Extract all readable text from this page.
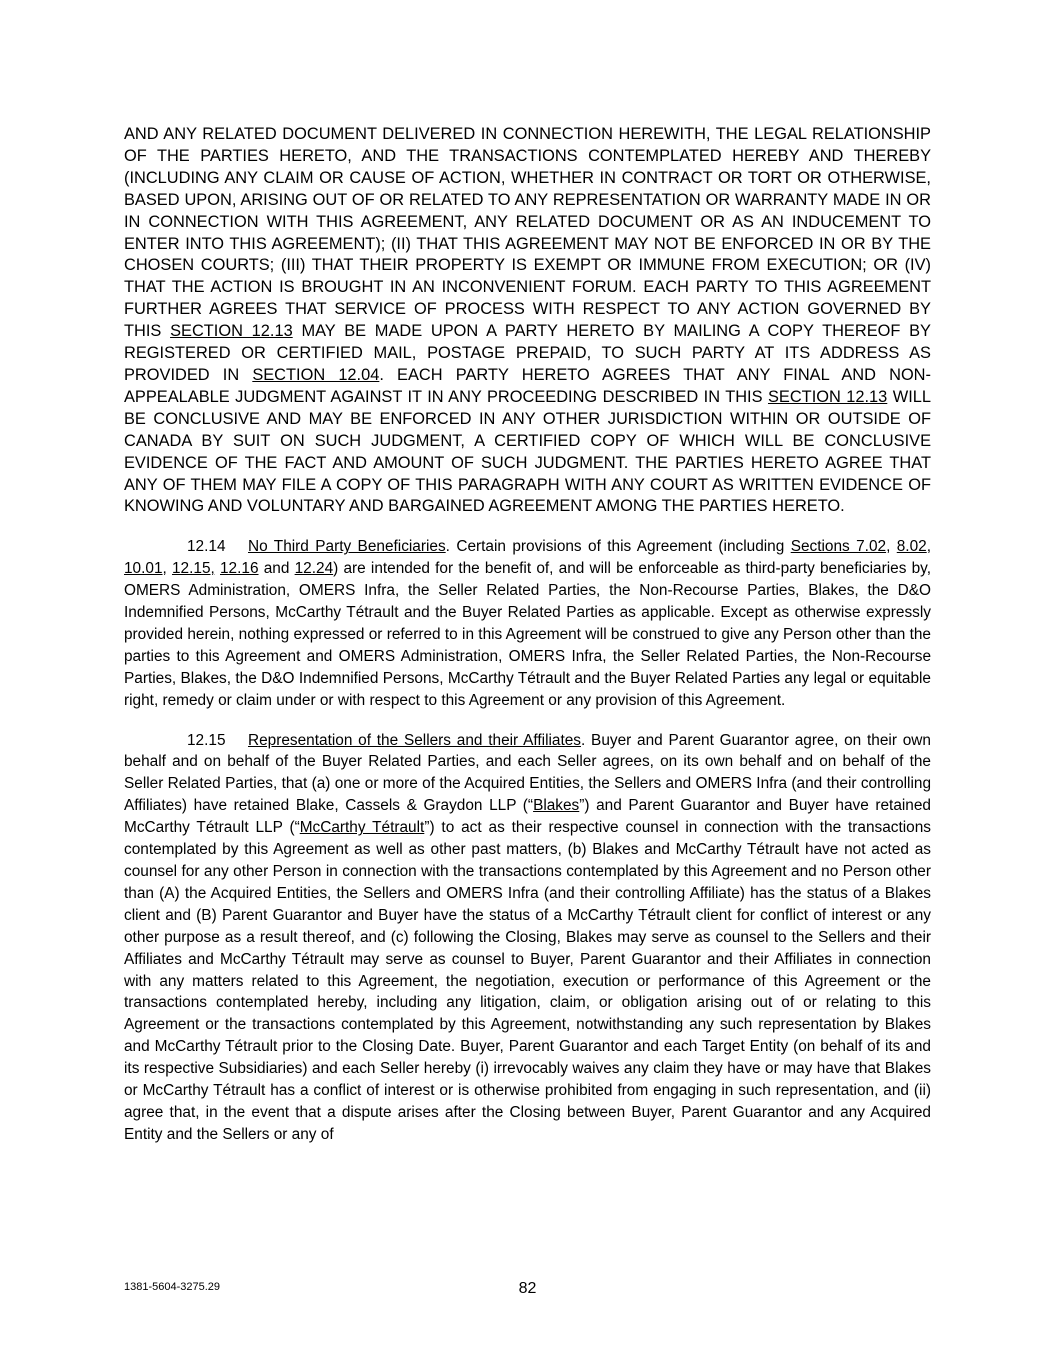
AND ANY RELATED DOCUMENT DELIVERED IN CONNECTION HEREWITH, THE LEGAL RELATIONSHIP OF THE PARTIES HERETO, AND THE TRANSACTIONS CONTEMPLATED HEREBY AND THEREBY (INCLUDING ANY CLAIM OR CAUSE OF ACTION, WHETHER IN CONTRACT OR TORT OR OTHERWISE, BASED UPON, ARISING OUT OF OR RELATED TO ANY REPRESENTATION OR WARRANTY MADE IN OR IN CONNECTION WITH THIS AGREEMENT, ANY RELATED DOCUMENT OR AS AN INDUCEMENT TO ENTER INTO THIS AGREEMENT); (II) THAT THIS AGREEMENT MAY NOT BE ENFORCED IN OR BY THE CHOSEN COURTS; (III) THAT THEIR PROPERTY IS EXEMPT OR IMMUNE FROM EXECUTION; OR (IV) THAT THE ACTION IS BROUGHT IN AN INCONVENIENT FORUM. EACH PARTY TO THIS AGREEMENT FURTHER AGREES THAT SERVICE OF PROCESS WITH RESPECT TO ANY ACTION GOVERNED BY THIS SECTION 12.13 MAY BE MADE UPON A PARTY HERETO BY MAILING A COPY THEREOF BY REGISTERED OR CERTIFIED MAIL, POSTAGE PREPAID, TO SUCH PARTY AT ITS ADDRESS AS PROVIDED IN SECTION 12.04. EACH PARTY HERETO AGREES THAT ANY FINAL AND NON-APPEALABLE JUDGMENT AGAINST IT IN ANY PROCEEDING DESCRIBED IN THIS SECTION 12.13 WILL BE CONCLUSIVE AND MAY BE ENFORCED IN ANY OTHER JURISDICTION WITHIN OR OUTSIDE OF CANADA BY SUIT ON SUCH JUDGMENT, A CERTIFIED COPY OF WHICH WILL BE CONCLUSIVE EVIDENCE OF THE FACT AND AMOUNT OF SUCH JUDGMENT. THE PARTIES HERETO AGREE THAT ANY OF THEM MAY FILE A COPY OF THIS PARAGRAPH WITH ANY COURT AS WRITTEN EVIDENCE OF KNOWING AND VOLUNTARY AND BARGAINED AGREEMENT AMONG THE PARTIES HERETO.

12.14 No Third Party Beneficiaries. Certain provisions of this Agreement (including Sections 7.02, 8.02, 10.01, 12.15, 12.16 and 12.24) are intended for the benefit of, and will be enforceable as third-party beneficiaries by, OMERS Administration, OMERS Infra, the Seller Related Parties, the Non-Recourse Parties, Blakes, the D&O Indemnified Persons, McCarthy Tétrault and the Buyer Related Parties as applicable. Except as otherwise expressly provided herein, nothing expressed or referred to in this Agreement will be construed to give any Person other than the parties to this Agreement and OMERS Administration, OMERS Infra, the Seller Related Parties, the Non-Recourse Parties, Blakes, the D&O Indemnified Persons, McCarthy Tétrault and the Buyer Related Parties any legal or equitable right, remedy or claim under or with respect to this Agreement or any provision of this Agreement.

12.15 Representation of the Sellers and their Affiliates. Buyer and Parent Guarantor agree, on their own behalf and on behalf of the Buyer Related Parties, and each Seller agrees, on its own behalf and on behalf of the Seller Related Parties, that (a) one or more of the Acquired Entities, the Sellers and OMERS Infra (and their controlling Affiliates) have retained Blake, Cassels & Graydon LLP (“Blakes”) and Parent Guarantor and Buyer have retained McCarthy Tétrault LLP (“McCarthy Tétrault”) to act as their respective counsel in connection with the transactions contemplated by this Agreement as well as other past matters, (b) Blakes and McCarthy Tétrault have not acted as counsel for any other Person in connection with the transactions contemplated by this Agreement and no Person other than (A) the Acquired Entities, the Sellers and OMERS Infra (and their controlling Affiliate) has the status of a Blakes client and (B) Parent Guarantor and Buyer have the status of a McCarthy Tétrault client for conflict of interest or any other purpose as a result thereof, and (c) following the Closing, Blakes may serve as counsel to the Sellers and their Affiliates and McCarthy Tétrault may serve as counsel to Buyer, Parent Guarantor and their Affiliates in connection with any matters related to this Agreement, the negotiation, execution or performance of this Agreement or the transactions contemplated hereby, including any litigation, claim, or obligation arising out of or relating to this Agreement or the transactions contemplated by this Agreement, notwithstanding any such representation by Blakes and McCarthy Tétrault prior to the Closing Date. Buyer, Parent Guarantor and each Target Entity (on behalf of its and its respective Subsidiaries) and each Seller hereby (i) irrevocably waives any claim they have or may have that Blakes or McCarthy Tétrault has a conflict of interest or is otherwise prohibited from engaging in such representation, and (ii) agree that, in the event that a dispute arises after the Closing between Buyer, Parent Guarantor and any Acquired Entity and the Sellers or any of

1381-5604-3275.29	82
